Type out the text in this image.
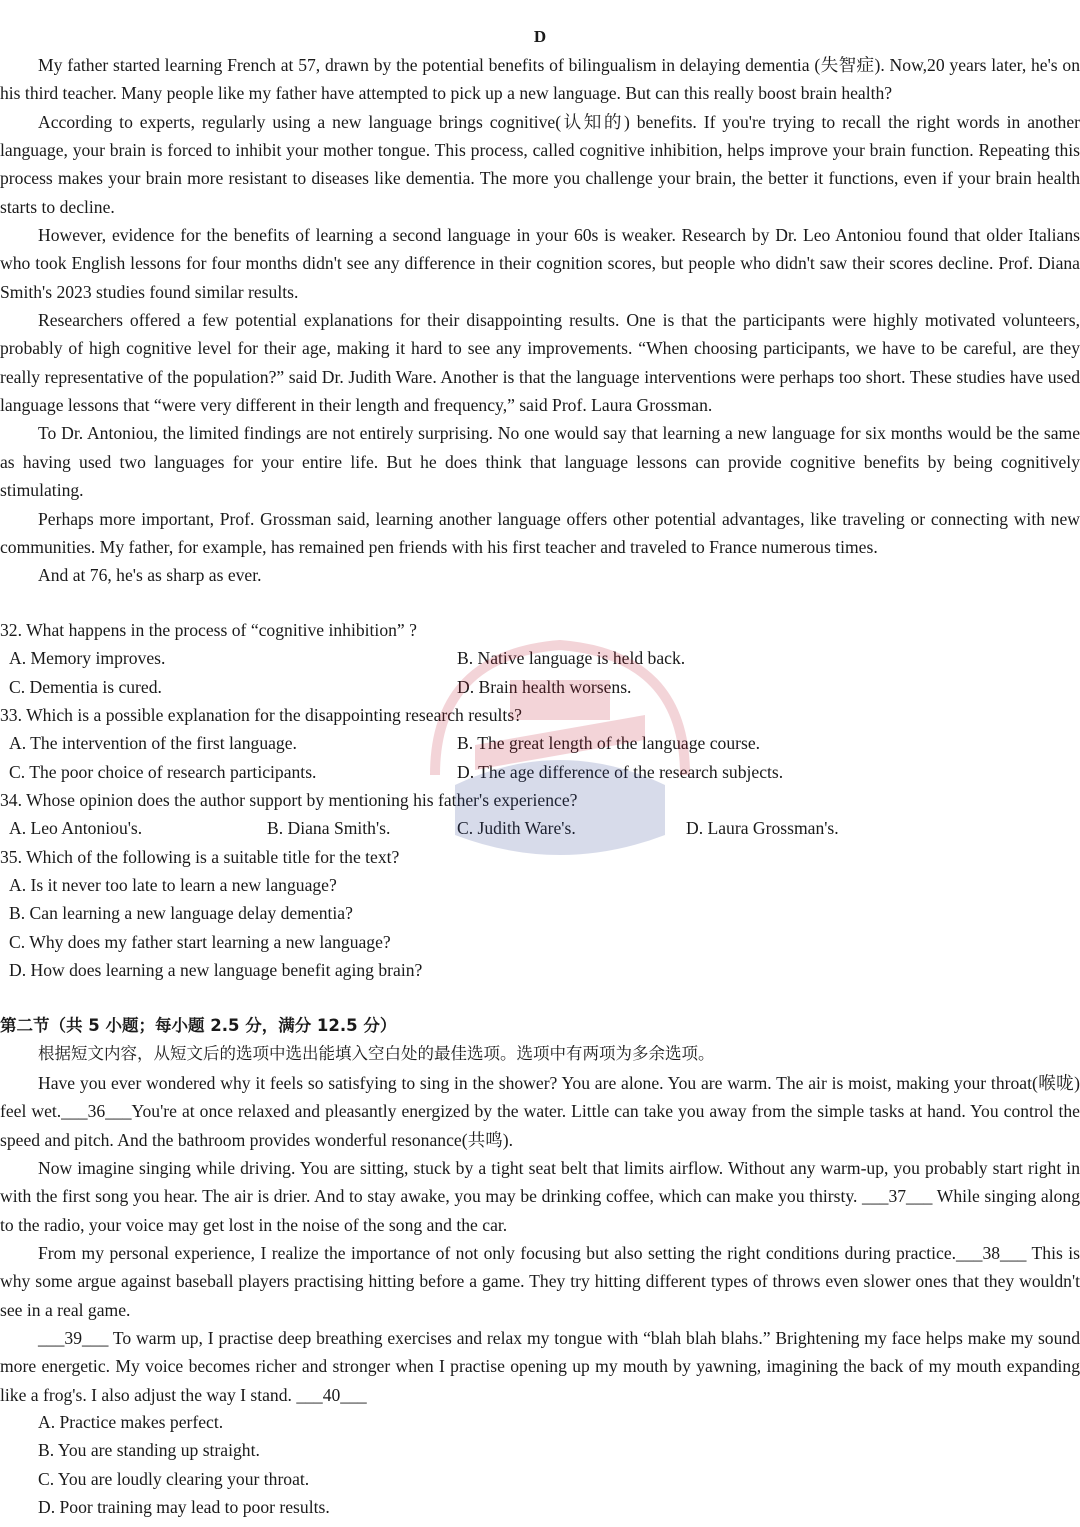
D

My father started learning French at 57, drawn by the potential benefits of bilingualism in delaying dementia (失智症). Now,20 years later, he's on his third teacher. Many people like my father have attempted to pick up a new language. But can this really boost brain health?

According to experts, regularly using a new language brings cognitive(认知的) benefits. If you're trying to recall the right words in another language, your brain is forced to inhibit your mother tongue. This process, called cognitive inhibition, helps improve your brain function. Repeating this process makes your brain more resistant to diseases like dementia. The more you challenge your brain, the better it functions, even if your brain health starts to decline.

However, evidence for the benefits of learning a second language in your 60s is weaker. Research by Dr. Leo Antoniou found that older Italians who took English lessons for four months didn't see any difference in their cognition scores, but people who didn't saw their scores decline. Prof. Diana Smith's 2023 studies found similar results.

Researchers offered a few potential explanations for their disappointing results. One is that the participants were highly motivated volunteers, probably of high cognitive level for their age, making it hard to see any improvements. “When choosing participants, we have to be careful, are they really representative of the population?” said Dr. Judith Ware. Another is that the language interventions were perhaps too short. These studies have used language lessons that “were very different in their length and frequency,” said Prof. Laura Grossman.

To Dr. Antoniou, the limited findings are not entirely surprising. No one would say that learning a new language for six months would be the same as having used two languages for your entire life. But he does think that language lessons can provide cognitive benefits by being cognitively stimulating.

Perhaps more important, Prof. Grossman said, learning another language offers other potential advantages, like traveling or connecting with new communities. My father, for example, has remained pen friends with his first teacher and traveled to France numerous times.

And at 76, he's as sharp as ever.

32. What happens in the process of “cognitive inhibition” ?

A. Memory improves.	B. Native language is held back.
C. Dementia is cured.	D. Brain health worsens.

33. Which is a possible explanation for the disappointing research results?

A. The intervention of the first language.	B. The great length of the language course.
C. The poor choice of research participants.	D. The age difference of the research subjects.

34. Whose opinion does the author support by mentioning his father's experience?

A. Leo Antoniou's.	B. Diana Smith's.	C. Judith Ware's.	D. Laura Grossman's.

35. Which of the following is a suitable title for the text?

A. Is it never too late to learn a new language?

B. Can learning a new language delay dementia?

C. Why does my father start learning a new language?

D. How does learning a new language benefit aging brain?

第二节（共 5 小题；每小题 2.5 分，满分 12.5 分）
根据短文内容，从短文后的选项中选出能填入空白处的最佳选项。选项中有两项为多余选项。

Have you ever wondered why it feels so satisfying to sing in the shower? You are alone. You are warm. The air is moist, making your throat(喉咙) feel wet.___36___You're at once relaxed and pleasantly energized by the water. Little can take you away from the simple tasks at hand. You control the speed and pitch. And the bathroom provides wonderful resonance(共鸣).

Now imagine singing while driving. You are sitting, stuck by a tight seat belt that limits airflow. Without any warm-up, you probably start right in with the first song you hear. The air is drier. And to stay awake, you may be drinking coffee, which can make you thirsty. ___37___ While singing along to the radio, your voice may get lost in the noise of the song and the car.

From my personal experience, I realize the importance of not only focusing but also setting the right conditions during practice.___38___ This is why some argue against baseball players practising hitting before a game. They try hitting different types of throws even slower ones that they wouldn't see in a real game.

___39___ To warm up, I practise deep breathing exercises and relax my tongue with “blah blah blahs.” Brightening my face helps make my sound more energetic. My voice becomes richer and stronger when I practise opening up my mouth by yawning, imagining the back of my mouth expanding like a frog's. I also adjust the way I stand. ___40___

A. Practice makes perfect.

B. You are standing up straight.

C. You are loudly clearing your throat.

D. Poor training may lead to poor results.
